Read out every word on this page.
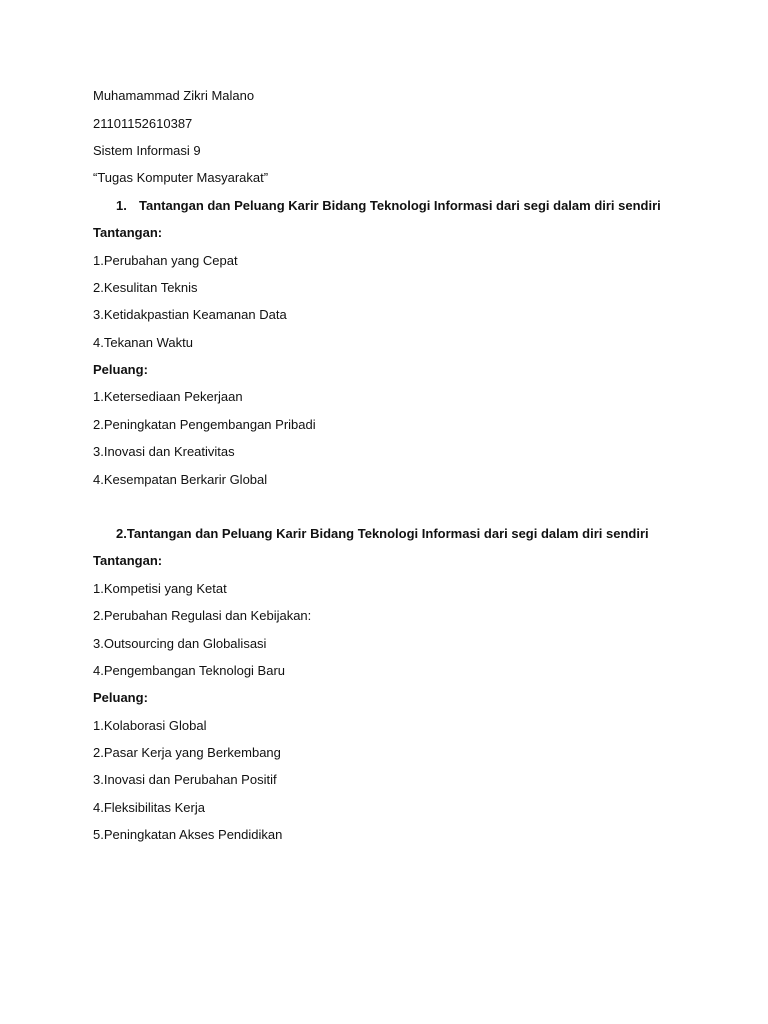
Muhamammad Zikri Malano
21101152610387
Sistem Informasi 9
“Tugas Komputer Masyarakat”
1. Tantangan dan Peluang Karir Bidang Teknologi Informasi dari segi dalam diri sendiri
Tantangan:
1.Perubahan yang Cepat
2.Kesulitan Teknis
3.Ketidakpastian Keamanan Data
4.Tekanan Waktu
Peluang:
1.Ketersediaan Pekerjaan
2.Peningkatan Pengembangan Pribadi
3.Inovasi dan Kreativitas
4.Kesempatan Berkarir Global
2.Tantangan dan Peluang Karir Bidang Teknologi Informasi dari segi dalam diri sendiri
Tantangan:
1.Kompetisi yang Ketat
2.Perubahan Regulasi dan Kebijakan:
3.Outsourcing dan Globalisasi
4.Pengembangan Teknologi Baru
Peluang:
1.Kolaborasi Global
2.Pasar Kerja yang Berkembang
3.Inovasi dan Perubahan Positif
4.Fleksibilitas Kerja
5.Peningkatan Akses Pendidikan
